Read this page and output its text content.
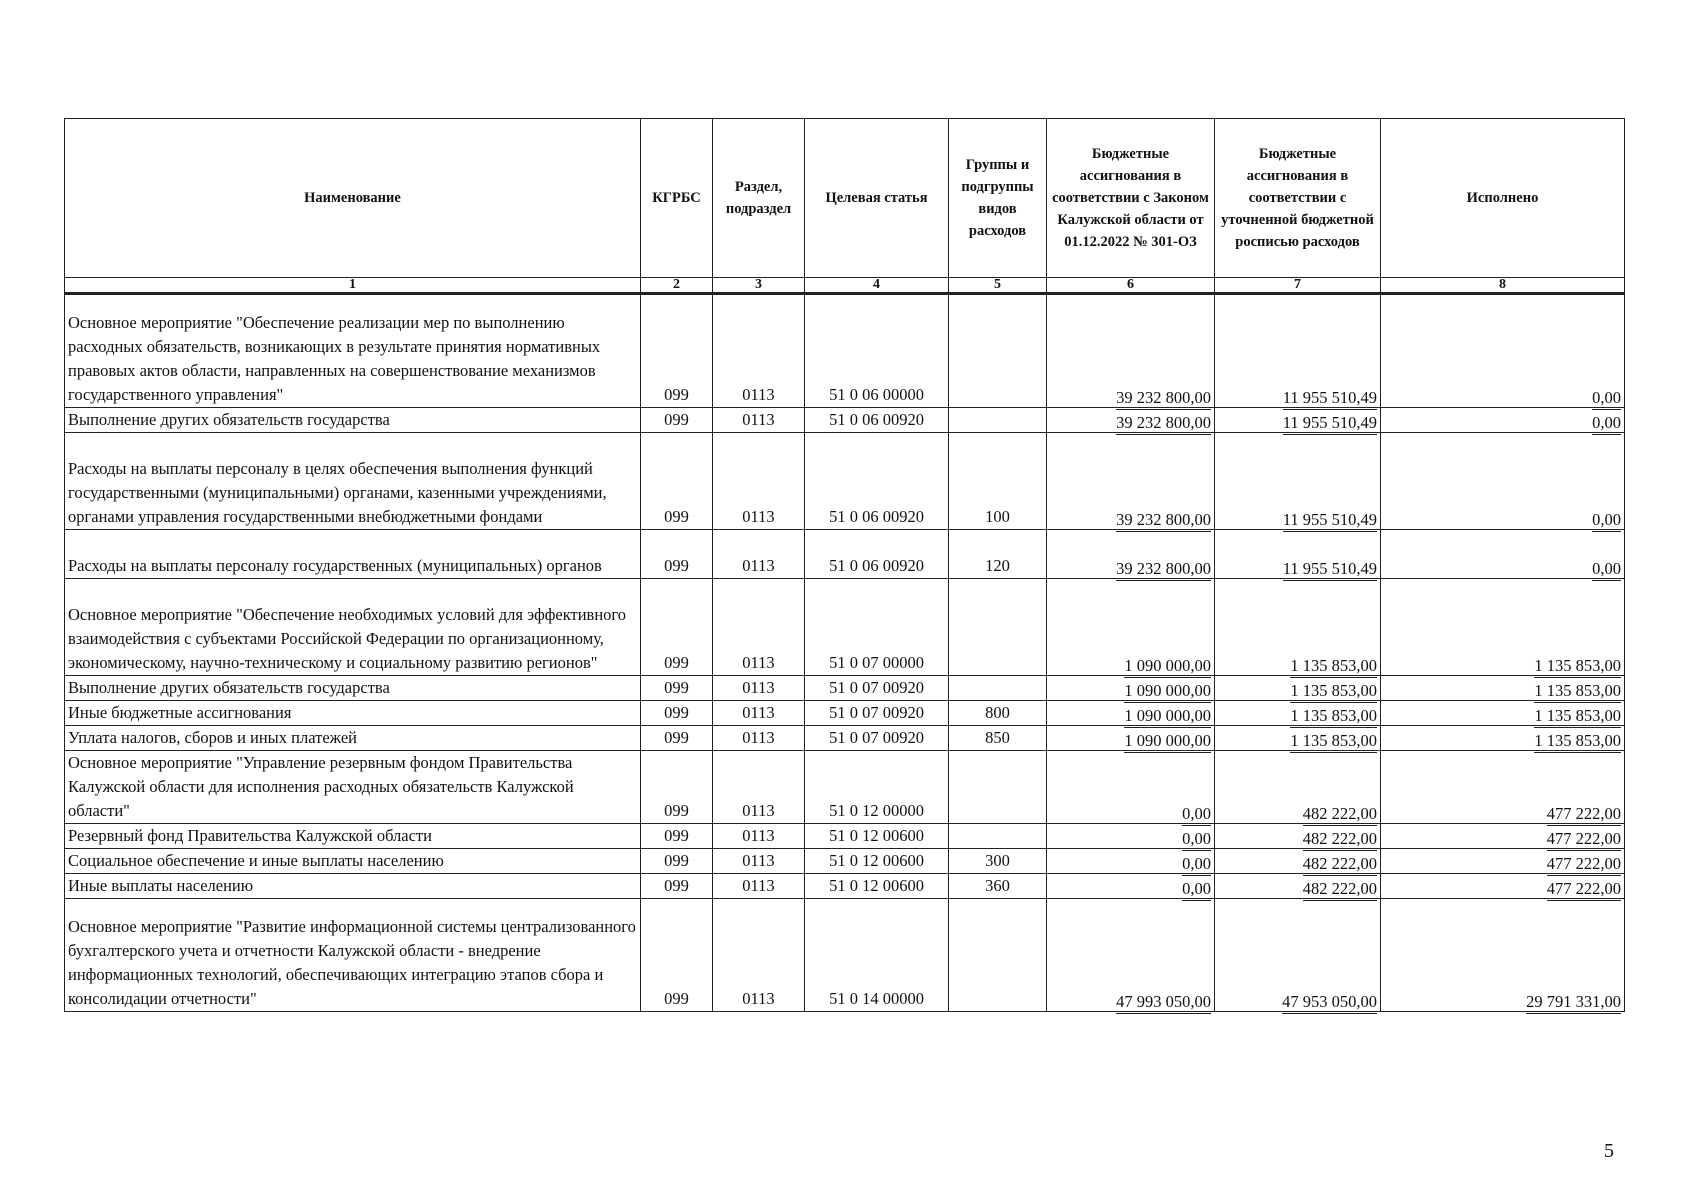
Наименование	КГРБС	Раздел, подраздел	Целевая статья	Группы и подгруппы видов расходов	Бюджетные ассигнования в соответствии с Законом Калужской области от 01.12.2022 № 301-ОЗ	Бюджетные ассигнования в соответствии с уточненной бюджетной росписью расходов	Исполнено
1	2	3	4	5	6	7	8
Основное мероприятие "Обеспечение реализации мер по выполнению расходных обязательств, возникающих в результате принятия нормативных правовых актов области, направленных на совершенствование механизмов государственного управления"	099	0113	51 0 06 00000		39 232 800,00	11 955 510,49	0,00
Выполнение других обязательств государства	099	0113	51 0 06 00920		39 232 800,00	11 955 510,49	0,00
Расходы на выплаты персоналу в целях обеспечения выполнения функций государственными (муниципальными) органами, казенными учреждениями, органами управления государственными внебюджетными фондами	099	0113	51 0 06 00920	100	39 232 800,00	11 955 510,49	0,00
Расходы на выплаты персоналу государственных (муниципальных) органов	099	0113	51 0 06 00920	120	39 232 800,00	11 955 510,49	0,00
Основное мероприятие "Обеспечение необходимых условий для эффективного взаимодействия с субъектами Российской Федерации по организационному, экономическому, научно-техническому и социальному развитию регионов"	099	0113	51 0 07 00000		1 090 000,00	1 135 853,00	1 135 853,00
Выполнение других обязательств государства	099	0113	51 0 07 00920		1 090 000,00	1 135 853,00	1 135 853,00
Иные бюджетные ассигнования	099	0113	51 0 07 00920	800	1 090 000,00	1 135 853,00	1 135 853,00
Уплата налогов, сборов и иных платежей	099	0113	51 0 07 00920	850	1 090 000,00	1 135 853,00	1 135 853,00
Основное мероприятие "Управление резервным фондом Правительства Калужской области для исполнения расходных обязательств Калужской области"	099	0113	51 0 12 00000		0,00	482 222,00	477 222,00
Резервный фонд Правительства Калужской области	099	0113	51 0 12 00600		0,00	482 222,00	477 222,00
Социальное обеспечение и иные выплаты населению	099	0113	51 0 12 00600	300	0,00	482 222,00	477 222,00
Иные выплаты населению	099	0113	51 0 12 00600	360	0,00	482 222,00	477 222,00
Основное мероприятие "Развитие информационной системы централизованного бухгалтерского учета и отчетности Калужской области - внедрение информационных технологий, обеспечивающих интеграцию этапов сбора и консолидации отчетности"	099	0113	51 0 14 00000		47 993 050,00	47 953 050,00	29 791 331,00
5
